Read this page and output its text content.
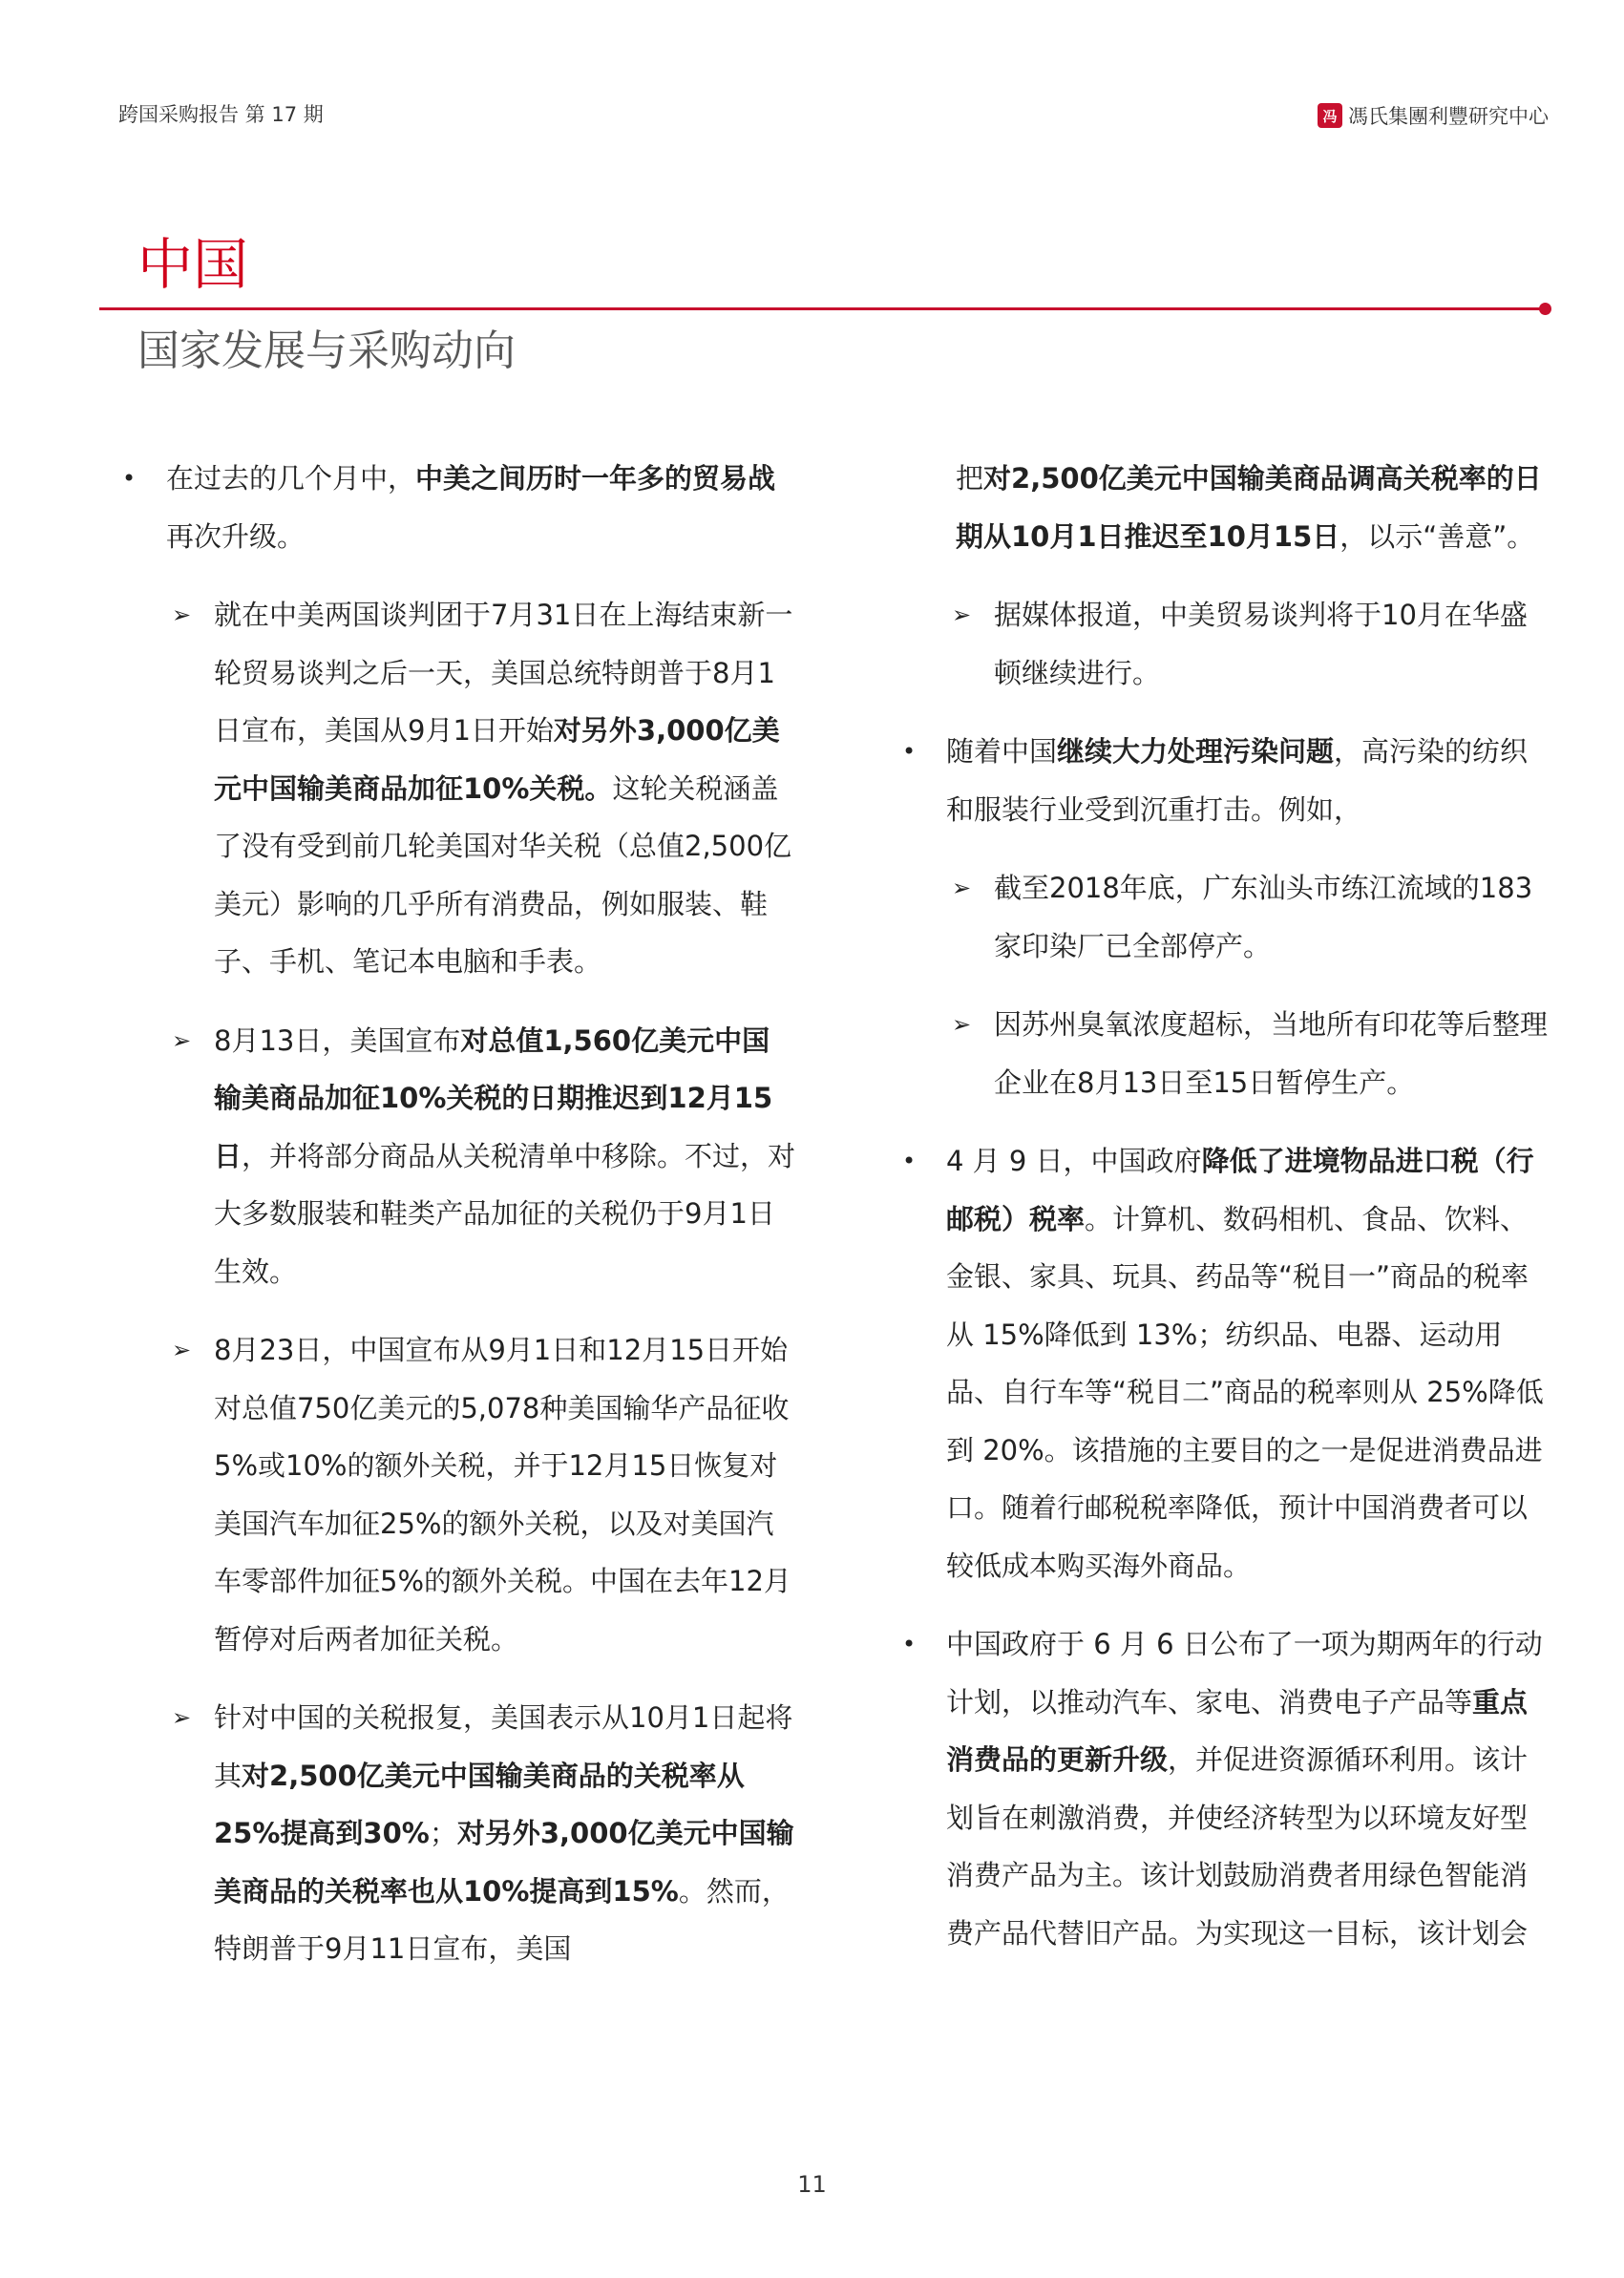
跨国采购报告 第 17 期	冯 馮氏集團利豐研究中心
中国
国家发展与采购动向
• 在过去的几个月中，中美之间历时一年多的贸易战再次升级。
➢ 就在中美两国谈判团于7月31日在上海结束新一轮贸易谈判之后一天，美国总统特朗普于8月1日宣布，美国从9月1日开始对另外3,000亿美元中国输美商品加征10%关税。这轮关税涵盖了没有受到前几轮美国对华关税（总值2,500亿美元）影响的几乎所有消费品，例如服装、鞋子、手机、笔记本电脑和手表。
➢ 8月13日，美国宣布对总值1,560亿美元中国输美商品加征10%关税的日期推迟到12月15日，并将部分商品从关税清单中移除。不过，对大多数服装和鞋类产品加征的关税仍于9月1日生效。
➢ 8月23日，中国宣布从9月1日和12月15日开始对总值750亿美元的5,078种美国输华产品征收5%或10%的额外关税，并于12月15日恢复对美国汽车加征25%的额外关税，以及对美国汽车零部件加征5%的额外关税。中国在去年12月暂停对后两者加征关税。
➢ 针对中国的关税报复，美国表示从10月1日起将其对2,500亿美元中国输美商品的关税率从25%提高到30%；对另外3,000亿美元中国输美商品的关税率也从10%提高到15%。然而，特朗普于9月11日宣布，美国
把对2,500亿美元中国输美商品调高关税率的日期从10月1日推迟至10月15日，以示“善意”。
➢ 据媒体报道，中美贸易谈判将于10月在华盛顿继续进行。
• 随着中国继续大力处理污染问题，高污染的纺织和服装行业受到沉重打击。例如，
➢ 截至2018年底，广东汕头市练江流域的183家印染厂已全部停产。
➢ 因苏州臭氧浓度超标，当地所有印花等后整理企业在8月13日至15日暂停生产。
• 4 月 9 日，中国政府降低了进境物品进口税（行邮税）税率。计算机、数码相机、食品、饮料、金银、家具、玩具、药品等“税目一”商品的税率从 15%降低到 13%；纺织品、电器、运动用品、自行车等“税目二”商品的税率则从 25%降低到 20%。该措施的主要目的之一是促进消费品进口。随着行邮税税率降低，预计中国消费者可以较低成本购买海外商品。
• 中国政府于 6 月 6 日公布了一项为期两年的行动计划，以推动汽车、家电、消费电子产品等重点消费品的更新升级，并促进资源循环利用。该计划旨在刺激消费，并使经济转型为以环境友好型消费产品为主。该计划鼓励消费者用绿色智能消费产品代替旧产品。为实现这一目标，该计划会
11
